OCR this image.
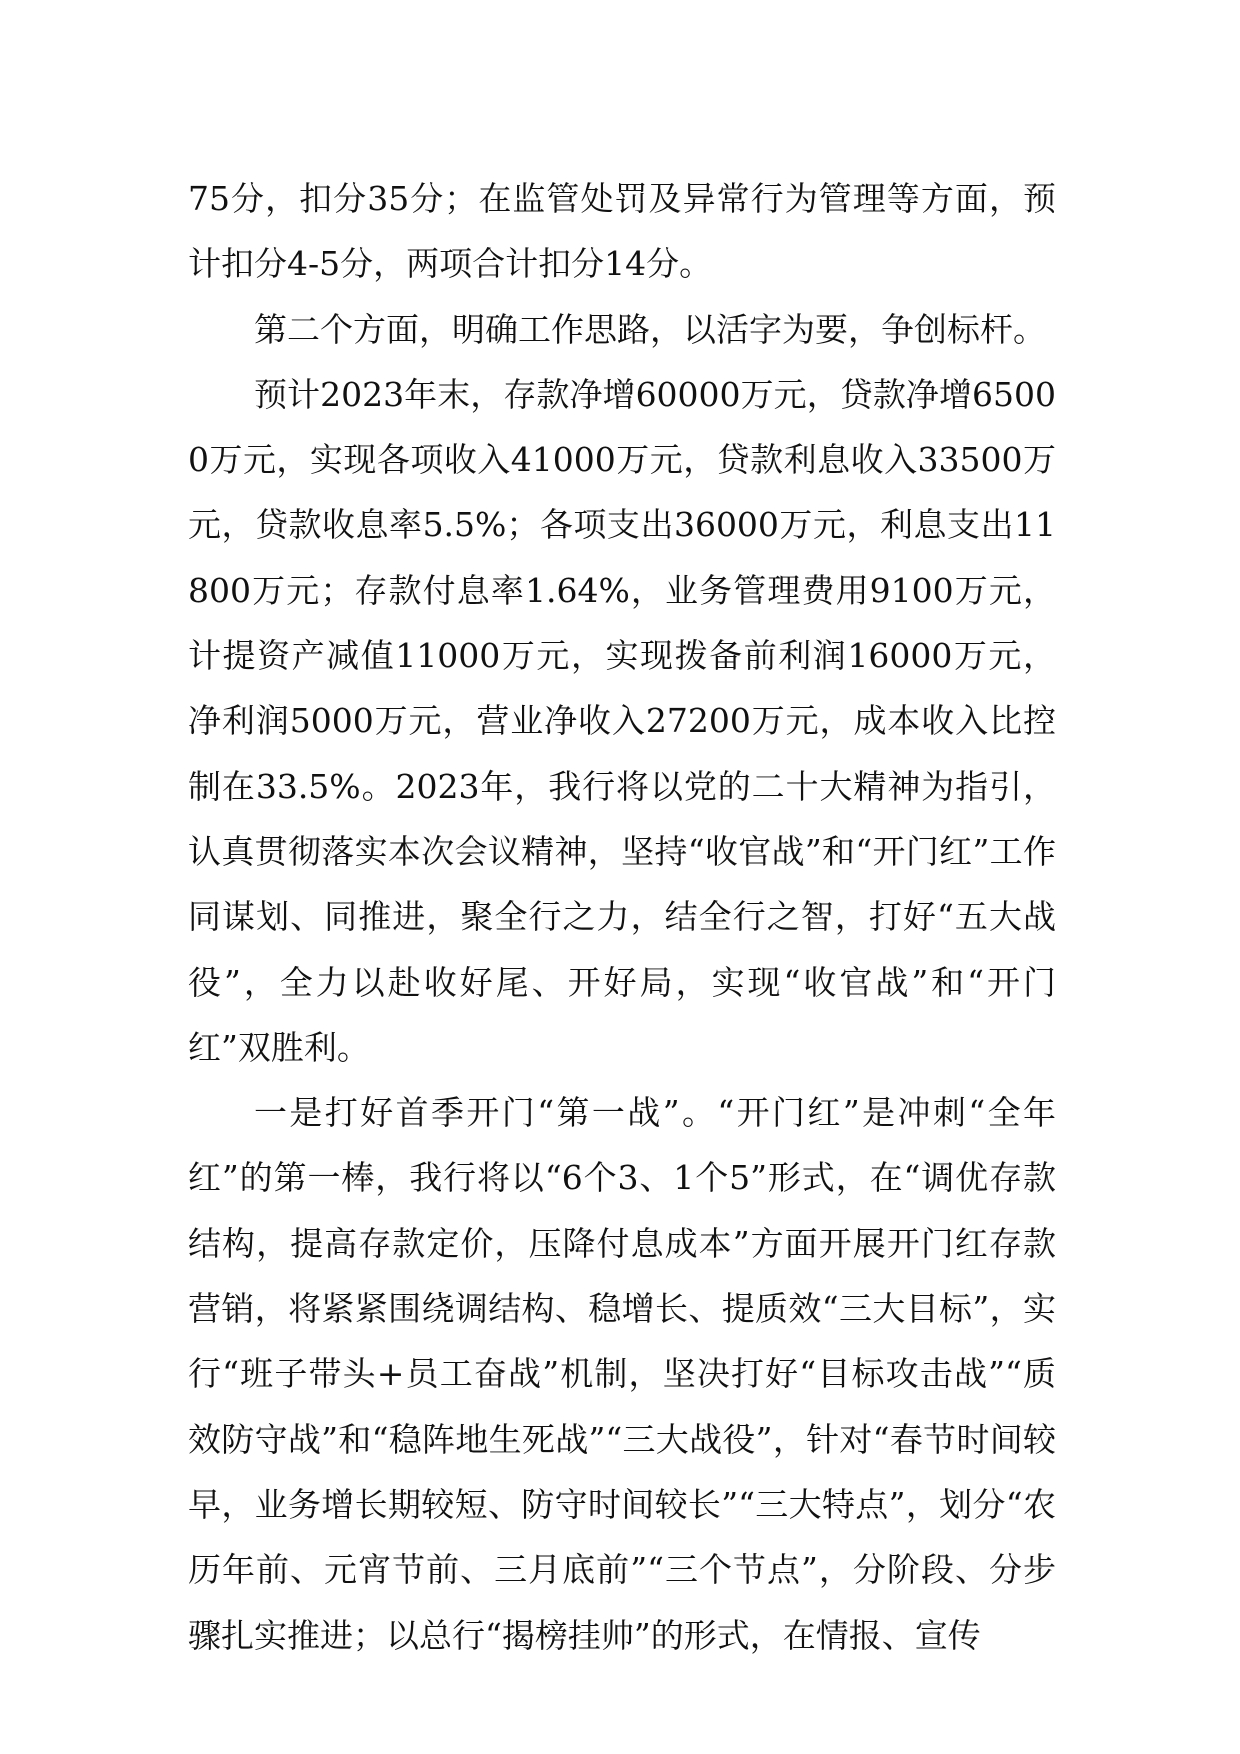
75分，扣分35分；在监管处罚及异常行为管理等方面，预计扣分4-5分，两项合计扣分14分。

第二个方面，明确工作思路，以活字为要，争创标杆。

预计2023年末，存款净增60000万元，贷款净增65000万元，实现各项收入41000万元，贷款利息收入33500万元，贷款收息率5.5%；各项支出36000万元，利息支出11800万元；存款付息率1.64%，业务管理费用9100万元，计提资产减值11000万元，实现拨备前利润16000万元，净利润5000万元，营业净收入27200万元，成本收入比控制在33.5%。2023年，我行将以党的二十大精神为指引，认真贯彻落实本次会议精神，坚持“收官战”和“开门红”工作同谋划、同推进，聚全行之力，结全行之智，打好“五大战役”，全力以赴收好尾、开好局，实现“收官战”和“开门红”双胜利。

一是打好首季开门“第一战”。“开门红”是冲刺“全年红”的第一棒，我行将以“6个3、1个5”形式，在“调优存款结构，提高存款定价，压降付息成本”方面开展开门红存款营销，将紧紧围绕调结构、稳增长、提质效“三大目标”，实行“班子带头+员工奋战”机制，坚决打好“目标攻击战”“质效防守战”和“稳阵地生死战”“三大战役”，针对“春节时间较早，业务增长期较短、防守时间较长”“三大特点”，划分“农历年前、元宵节前、三月底前”“三个节点”，分阶段、分步骤扎实推进；以总行“揭榜挂帅”的形式，在情报、宣传
